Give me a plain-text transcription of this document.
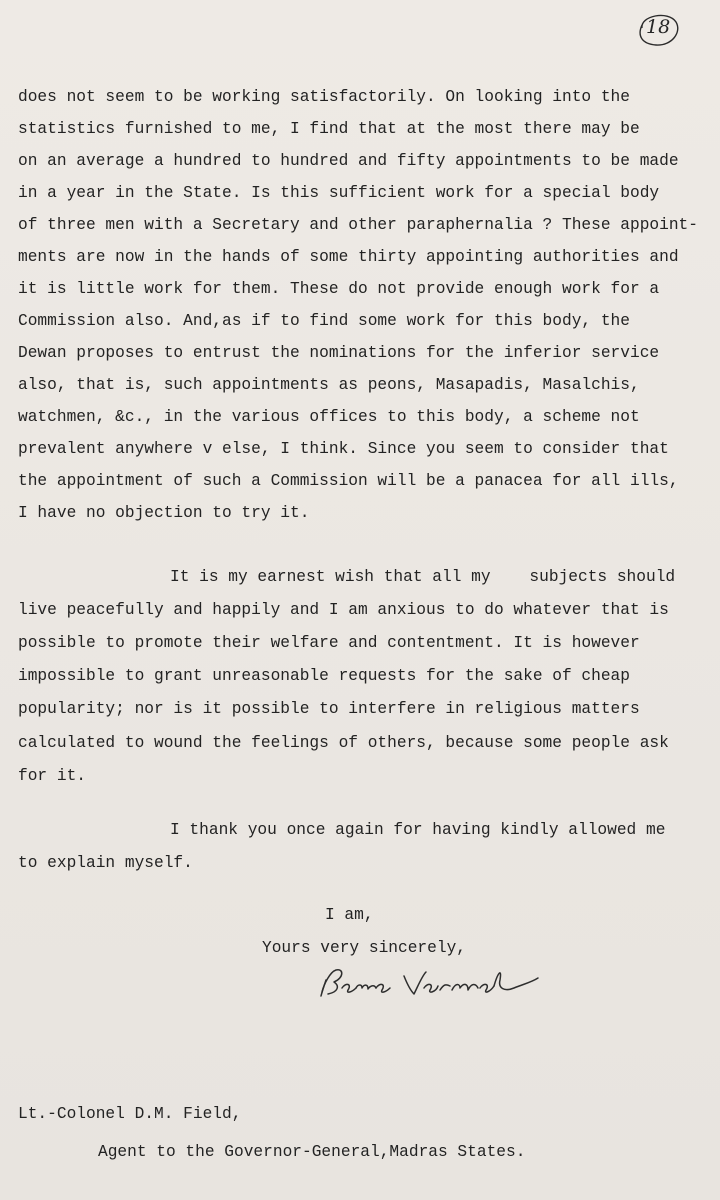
18
does not seem to be working satisfactorily. On looking into the
statistics furnished to me, I find that at the most there may be
on an average a hundred to hundred and fifty appointments to be made
in a year in the State. Is this sufficient work for a special body
of three men with a Secretary and other paraphernalia ? These appoint-
ments are now in the hands of some thirty appointing authorities and
it is little work for them. These do not provide enough work for a
Commission also. And,as if to find some work for this body, the
Dewan proposes to entrust the nominations for the inferior service
also, that is, such appointments as peons, Masapadis, Masalchis,
watchmen, &c., in the various offices to this body, a scheme not
prevalent anywhere v else, I think. Since you seem to consider that
the appointment of such a Commission will be a panacea for all ills,
I have no objection to try it.
It is my earnest wish that all my    subjects should
live peacefully and happily and I am anxious to do whatever that is
possible to promote their welfare and contentment. It is however
impossible to grant unreasonable requests for the sake of cheap
popularity; nor is it possible to interfere in religious matters
calculated to wound the feelings of others, because some people ask
for it.
I thank you once again for having kindly allowed me
to explain myself.
I am,
Yours very sincerely,
Lt.-Colonel D.M. Field,
Agent to the Governor-General,Madras States.
